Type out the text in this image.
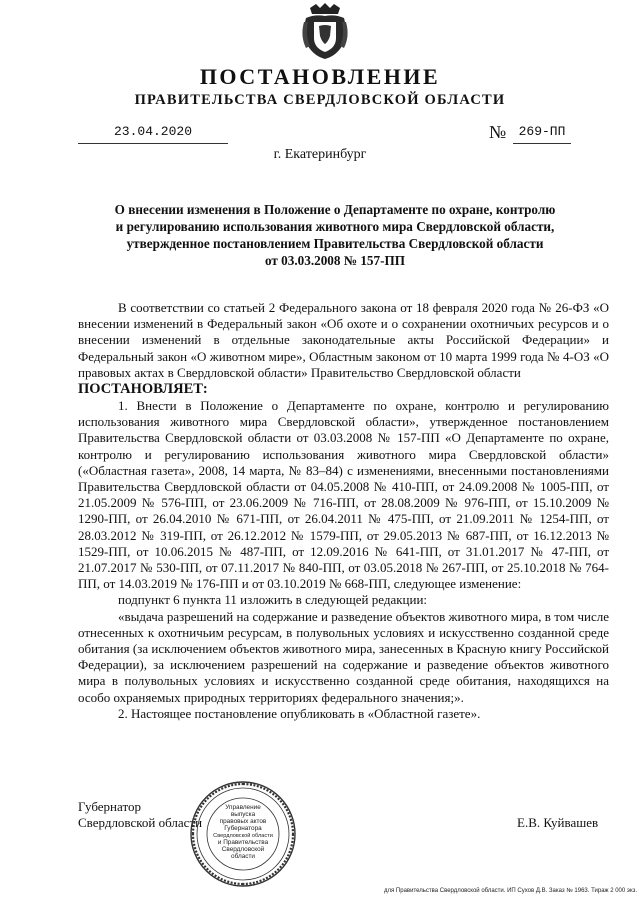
ПОСТАНОВЛЕНИЕ
ПРАВИТЕЛЬСТВА СВЕРДЛОВСКОЙ ОБЛАСТИ
23.04.2020	№ 269-ПП
г. Екатеринбург
О внесении изменения в Положение о Департаменте по охране, контролю
и регулированию использования животного мира Свердловской области,
утвержденное постановлением Правительства Свердловской области
от 03.03.2008 № 157-ПП

В соответствии со статьей 2 Федерального закона от 18 февраля 2020 года № 26-ФЗ «О внесении изменений в Федеральный закон «Об охоте и о сохранении охотничьих ресурсов и о внесении изменений в отдельные законодательные акты Российской Федерации» и Федеральный закон «О животном мире», Областным законом от 10 марта 1999 года № 4-ОЗ «О правовых актах в Свердловской области» Правительство Свердловской области

ПОСТАНОВЛЯЕТ:

1. Внести в Положение о Департаменте по охране, контролю и регулированию использования животного мира Свердловской области», утвержденное постановлением Правительства Свердловской области от 03.03.2008 № 157-ПП «О Департаменте по охране, контролю и регулированию использования животного мира Свердловской области» («Областная газета», 2008, 14 марта, № 83–84) с изменениями, внесенными постановлениями Правительства Свердловской области от 04.05.2008 № 410-ПП, от 24.09.2008 № 1005-ПП, от 21.05.2009 № 576-ПП, от 23.06.2009 № 716-ПП, от 28.08.2009 № 976-ПП, от 15.10.2009 № 1290-ПП, от 26.04.2010 № 671-ПП, от 26.04.2011 № 475-ПП, от 21.09.2011 № 1254-ПП, от 28.03.2012 № 319-ПП, от 26.12.2012 № 1579-ПП, от 29.05.2013 № 687-ПП, от 16.12.2013 № 1529-ПП, от 10.06.2015 № 487-ПП, от 12.09.2016 № 641-ПП, от 31.01.2017 № 47-ПП, от 21.07.2017 № 530-ПП, от 07.11.2017 № 840-ПП, от 03.05.2018 № 267-ПП, от 25.10.2018 № 764-ПП, от 14.03.2019 № 176-ПП и от 03.10.2019 № 668-ПП, следующее изменение:

подпункт 6 пункта 11 изложить в следующей редакции:

«выдача разрешений на содержание и разведение объектов животного мира, в том числе отнесенных к охотничьим ресурсам, в полувольных условиях и искусственно созданной среде обитания (за исключением объектов животного мира, занесенных в Красную книгу Российской Федерации), за исключением разрешений на содержание и разведение объектов животного мира в полувольных условиях и искусственно созданной среде обитания, находящихся на особо охраняемых природных территориях федерального значения;».

2. Настоящее постановление опубликовать в «Областной газете».

Губернатор
Свердловской области	Е.В. Куйвашев
Управление
выпуска
правовых актов
Губернатора
Свердловской области
и Правительства
Свердловской
области
для Правительства Свердловской области. ИП Сухов Д.В. Заказ № 1963. Тираж 2 000 экз.
